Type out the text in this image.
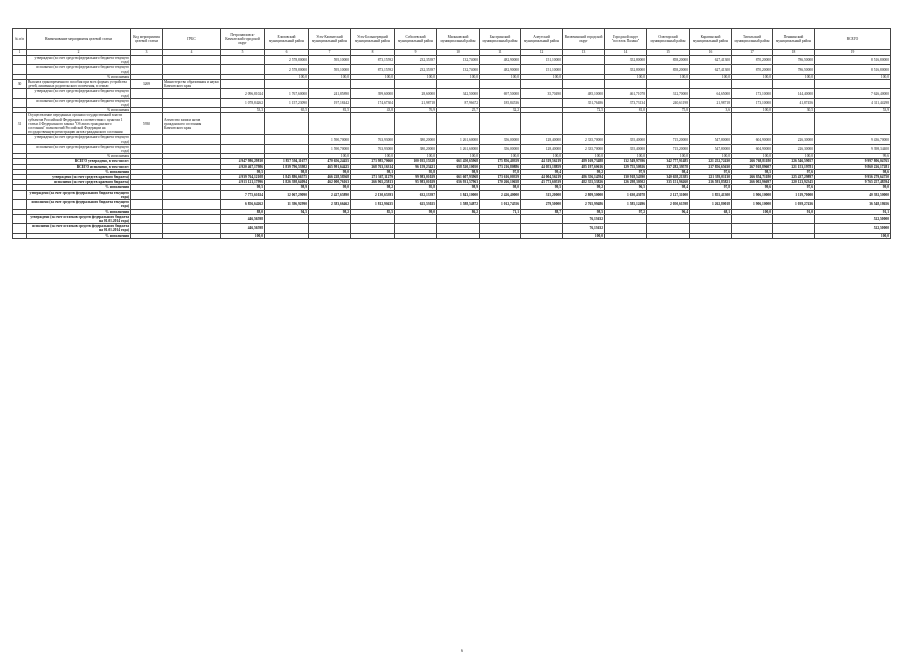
№ п/п	Наименование мероприятия целевой статьи	Код мероприятия целевой статьи	ГРБС	Петропавловск-Камчатский городской округ	Елизовский муниципальный район	Усть-Камчатский муниципальный район	Усть-Большерецкий муниципальный район	Соболевский муниципальный район	Мильковский муниципальный район	Быстринский муниципальный район	Алеутский муниципальный район	Вилючинский городской округ	Городской округ "поселок Палана"	Олюторский муниципальный район	Карагинский муниципальный район	Тигильский муниципальный район	Пенжинский муниципальный район	ВСЕГО
1	2	3	4	5	6	7	8	9	10	11	12	13	14	15	16	17	18	19
	утверждено (за счет средств федерального бюджета текущего года)				2 578,80000	595,10000	873,15592	232,35397	132,74000	482,90000	151,10000		352,80000	858,20000	627,41300	870,20000	786,50000	8 516,80000
	исполнено (за счет средств федерального бюджета текущего года)				2 578,80000	595,10000	873,15592	232,35397	132,74000	482,90000	151,10000		352,80000	858,20000	627,41300	870,20000	786,50000	8 516,80000
	% исполнения				100,0	100,0	100,0	100,0	100,0	100,0	100,0		100,0	100,0	100,0	100,0	100,0	100,0
30	Выплата единовременного пособия при всех формах устройства детей, лишенных родительского попечения, в семью	3269	Министерство образования и науки Камчатского края															
	утверждено (за счет средств федерального бюджета текущего года)			2 096,81024	1 767,60000	241,85890	399,60000	28,60000	342,50000	697,50000	35,70490	485,10000	461,71078	312,70000	64,65000	173,10000	144,40000	7 626,40000
	исполнено (за счет средств федерального бюджета текущего года)			1 078,84262	1 157,23090	197,18442	174,67304	21,98718	87,96672	185,84536		351,76486	373,73134	240,61198	21,98718	173,10000	41,87456	4 311,44298
	% исполнения			53,3	65,5	81,5	43,8	76,9	25,7	32,2		72,5	81,0	75,8	3,6	100,0	30,5	53,9
31	Осуществление переданных органам государственной власти субъектов Российской Федерации в соответствии с пунктом 1 статьи 4 Федерального закона "Об актах гражданского состояния" полномочий Российской Федерации на государственную регистрацию актов гражданского состояния	5930	Агентство записи актов гражданского состояния Камчатского края															
	утверждено (за счет средств федерального бюджета текущего года)					1 590,70000	763,93000	380,20000	1 261,60000	356,00000	128,40000	2 335,70000	355,40000	715,20000	547,80000	604,90000	226,30000	9 436,70000
	исполнено (за счет средств федерального бюджета текущего года)					1 590,70000	763,93000	380,20000	1 261,60000	356,00000	128,40000	2 335,70000	355,40000	715,20000	547,80000	604,90000	226,30000	9 398,34400
	% исполнения					100,0	100,0	100,0	100,0	100,0	100,0	100,0	100,0	100,0	100,0	100,0	100,0	99,6
	ВСЕГО утверждено, в том числе:			4 947 986,29810	1 857 594,11677	470 656,24455	273 985,70660	100 035,15328	661 450,65968	175 856,40359	44 319,56219	489 169,73488	132 549,97396	342 777,91485	221 252,72430	266 768,81180	226 546,59057	9 997 806,04765
	ВСЕГО исполнено, в том числе:			4 920 467,17986	1 839 796,53982	465 991,64425	268 763,16314	96 159,23421	658 520,10050	173 216,80886	44 053,18859	485 197,60616	129 755,50926	337 282,39578	217 856,65630	267 918,89607	221 153,19781	9 860 226,17281
	% исполнения			99,5	98,8	99,0	98,1	95,8	98,9	97,8	99,4	99,2	97,9	98,4	97,6	98,5	97,6	98,6
	утверждено (за счет средств краевого бюджета)			4 939 764,12108	1 845 886,66575	466 228,58368	271 367,11279	99 983,01029	661 607,93968	173 616,00359	44 004,56219	486 356,14594	130 918,54390	340 658,21385	221 393,01130	266 854,71180	225 437,29897	9 956 279,64750
	исполнено (за счет средств краевого бюджета)			4 913 121,17996	1 826 398,64094	462 000,76163	266 965,25813	95 983,01029	656 931,57963	170 266,10658	43 773,60539	482 355,53826	126 298,30502	335 151,96260	216 593,85821	266 002,96697	220 123,92345	9 765 257,48594
	% исполнения			99,5	98,9	99,0	98,2	95,8	98,9	98,0	99,5	99,2	96,5	98,4	97,8	99,6	97,6	99,0
	утверждено (за счет средств федерального бюджета текущего года)			7 775,61024	12 067,29090	2 427,65890	2 130,65393	632,13397	1 843,10000	2 426,40000	315,20000	2 809,50000	1 630,43078	2 127,31000	1 855,41300	1 906,10000	1 119,70000	40 392,50000
	исполнено (за счет средств федерального бюджета текущего года)			6 856,64262	11 396,92990	2 383,66462	1 812,90435	625,53025	1 588,54872	1 012,74556	279,50000	2 765,99486	1 585,12496	2 050,61598	1 262,80018	1 906,10000	1 039,27436	36 548,18656
	% исполнения			88,0	94,5	98,2	85,5	99,0	86,2	71,1	88,7	98,5	97,2	96,4	68,1	100,0	91,0	91,1
	утверждено (за счет остатков средств федерального бюджета на 01.01.2014 года)			446,56598								76,13632						522,50000
	исполнено (за счет остатков средств федерального бюджета на 01.01.2014 года)			446,56598								76,13632						522,50000
	% исполнения			100,0								100,0						100,0
6
